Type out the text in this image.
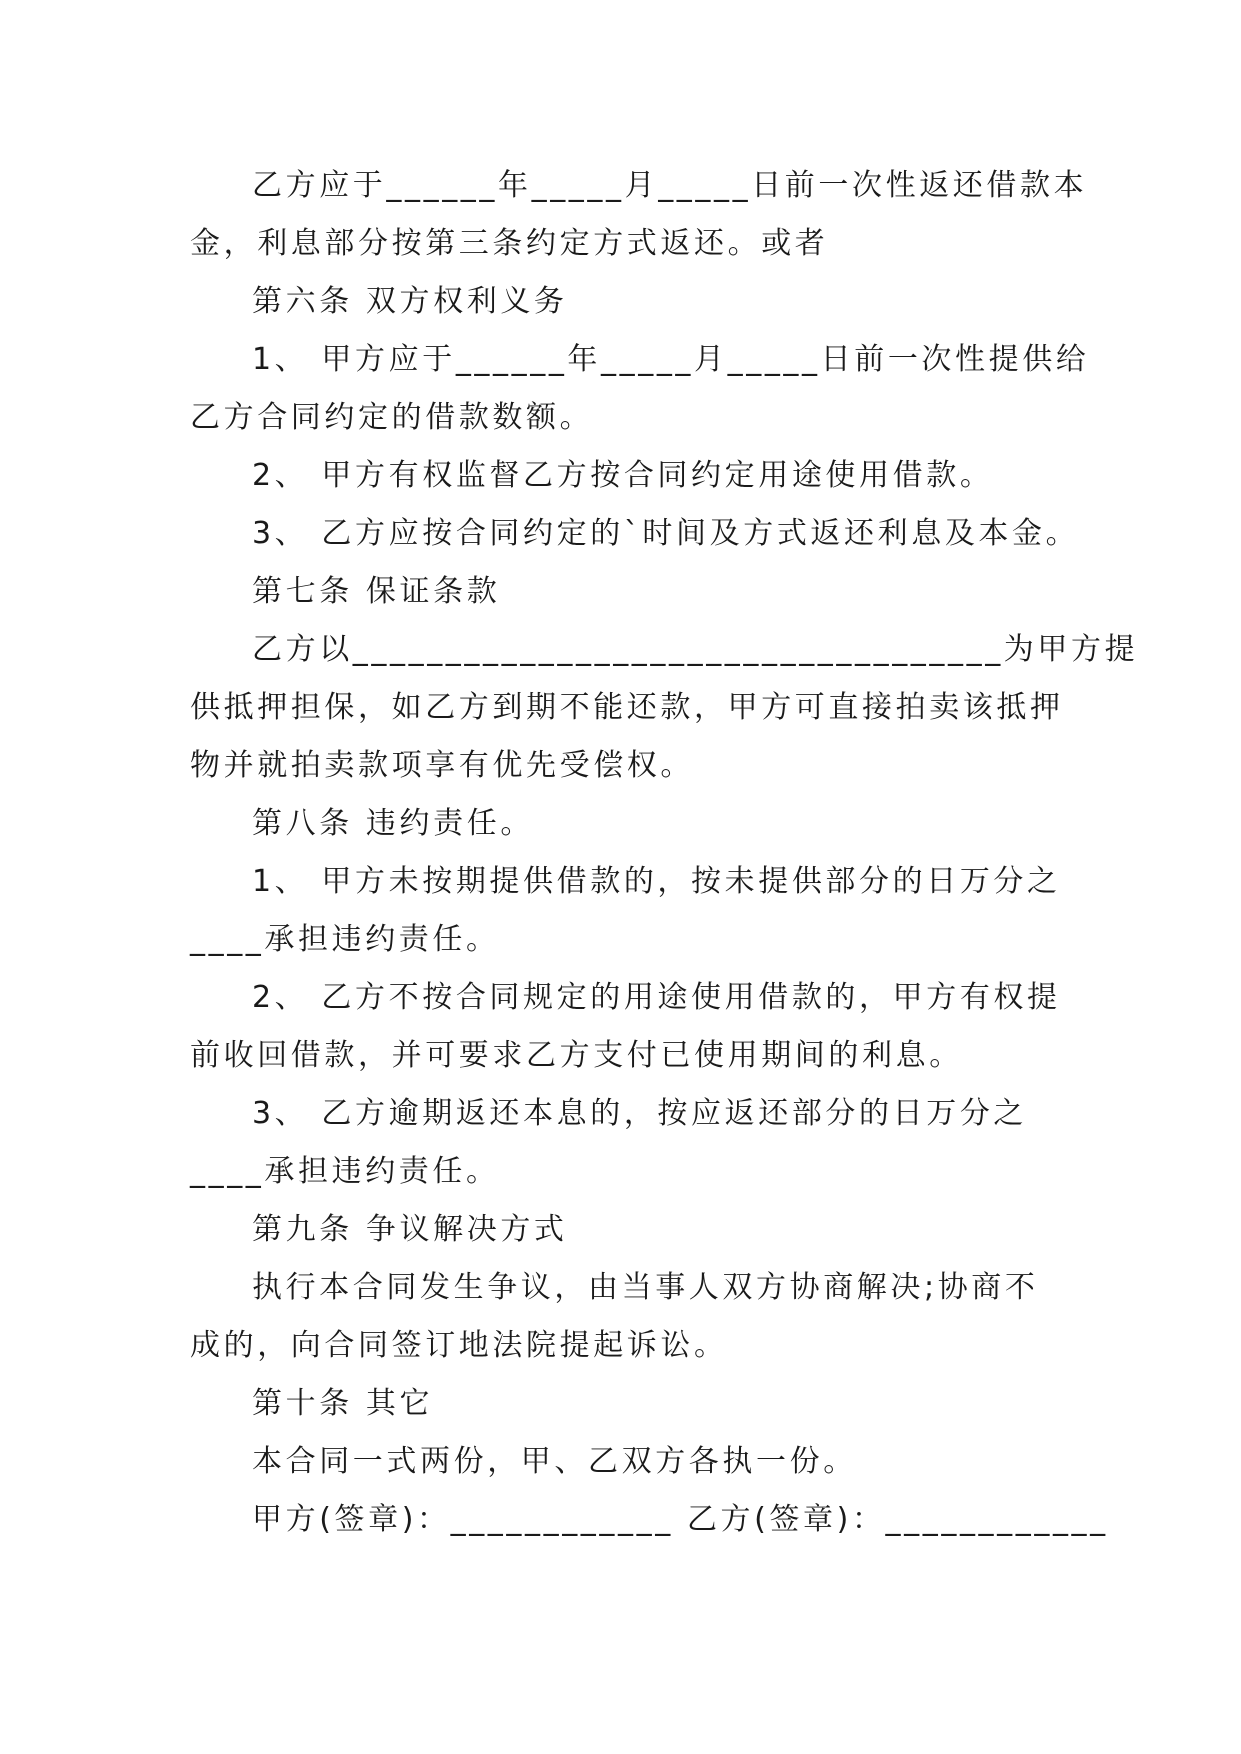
乙方应于______年_____月_____日前一次性返还借款本
金，利息部分按第三条约定方式返还。或者
第六条 双方权利义务
1、 甲方应于______年_____月_____日前一次性提供给
乙方合同约定的借款数额。
2、 甲方有权监督乙方按合同约定用途使用借款。
3、 乙方应按合同约定的`时间及方式返还利息及本金。
第七条 保证条款
乙方以___________________________________为甲方提
供抵押担保，如乙方到期不能还款，甲方可直接拍卖该抵押
物并就拍卖款项享有优先受偿权。
第八条 违约责任。
1、 甲方未按期提供借款的，按未提供部分的日万分之
____承担违约责任。
2、 乙方不按合同规定的用途使用借款的，甲方有权提
前收回借款，并可要求乙方支付已使用期间的利息。
3、 乙方逾期返还本息的，按应返还部分的日万分之
____承担违约责任。
第九条 争议解决方式
执行本合同发生争议，由当事人双方协商解决;协商不
成的，向合同签订地法院提起诉讼。
第十条 其它
本合同一式两份，甲、乙双方各执一份。
甲方(签章)：____________ 乙方(签章)：____________
